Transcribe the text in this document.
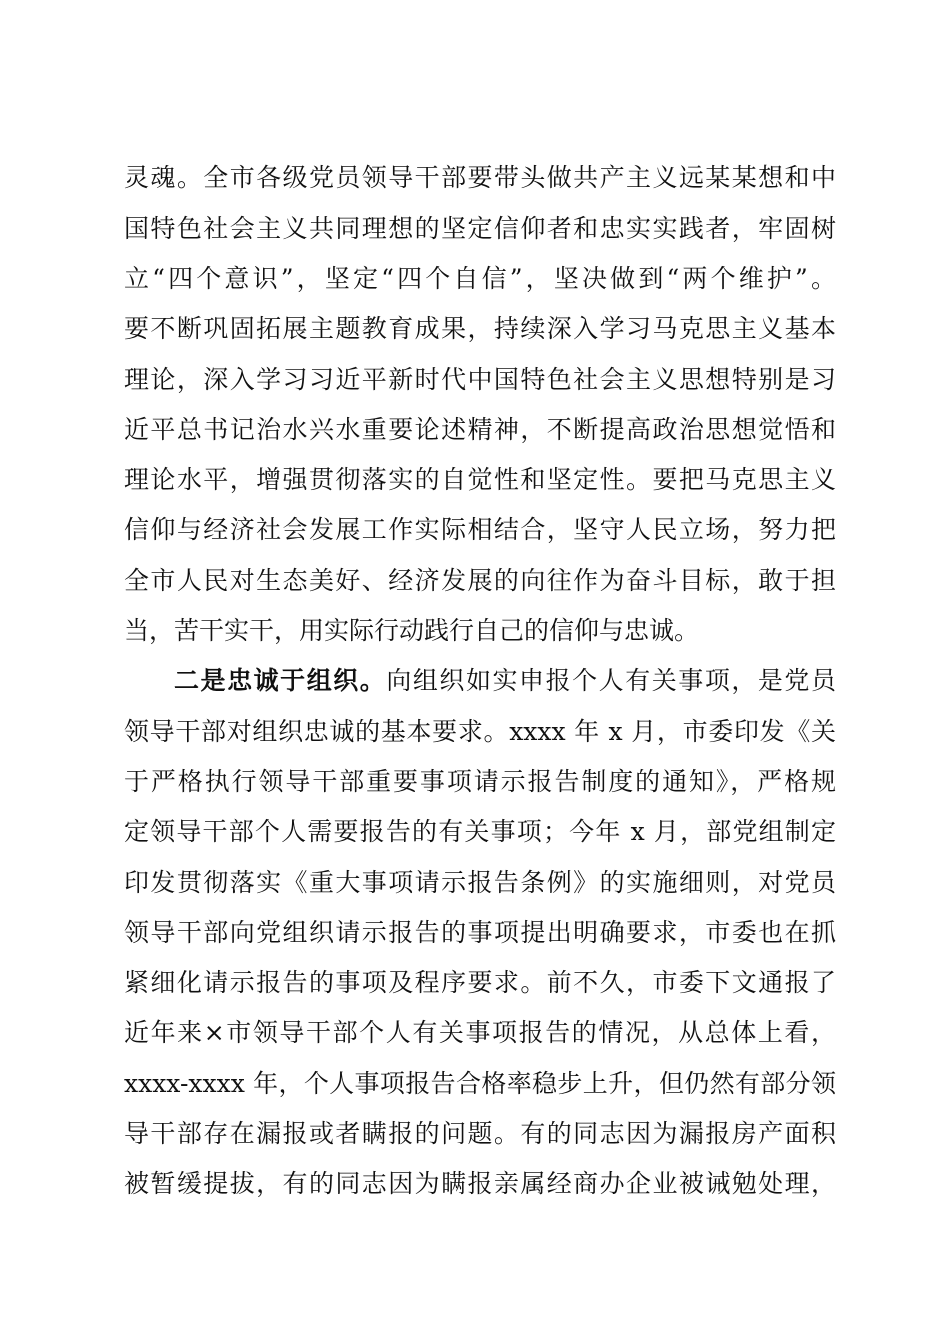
灵魂。全市各级党员领导干部要带头做共产主义远某某想和中

国特色社会主义共同理想的坚定信仰者和忠实实践者，牢固树

立“四个意识”，坚定“四个自信”，坚决做到“两个维护”。

要不断巩固拓展主题教育成果，持续深入学习马克思主义基本

理论，深入学习习近平新时代中国特色社会主义思想特别是习

近平总书记治水兴水重要论述精神，不断提高政治思想觉悟和

理论水平，增强贯彻落实的自觉性和坚定性。要把马克思主义

信仰与经济社会发展工作实际相结合，坚守人民立场，努力把

全市人民对生态美好、经济发展的向往作为奋斗目标，敢于担

当，苦干实干，用实际行动践行自己的信仰与忠诚。

二是忠诚于组织。向组织如实申报个人有关事项，是党员

领导干部对组织忠诚的基本要求。xxxx 年 x 月，市委印发《关

于严格执行领导干部重要事项请示报告制度的通知》，严格规

定领导干部个人需要报告的有关事项；今年 x 月，部党组制定

印发贯彻落实《重大事项请示报告条例》的实施细则，对党员

领导干部向党组织请示报告的事项提出明确要求，市委也在抓

紧细化请示报告的事项及程序要求。前不久，市委下文通报了

近年来×市领导干部个人有关事项报告的情况，从总体上看，

xxxx-xxxx 年，个人事项报告合格率稳步上升，但仍然有部分领

导干部存在漏报或者瞒报的问题。有的同志因为漏报房产面积

被暂缓提拔，有的同志因为瞒报亲属经商办企业被诫勉处理，
